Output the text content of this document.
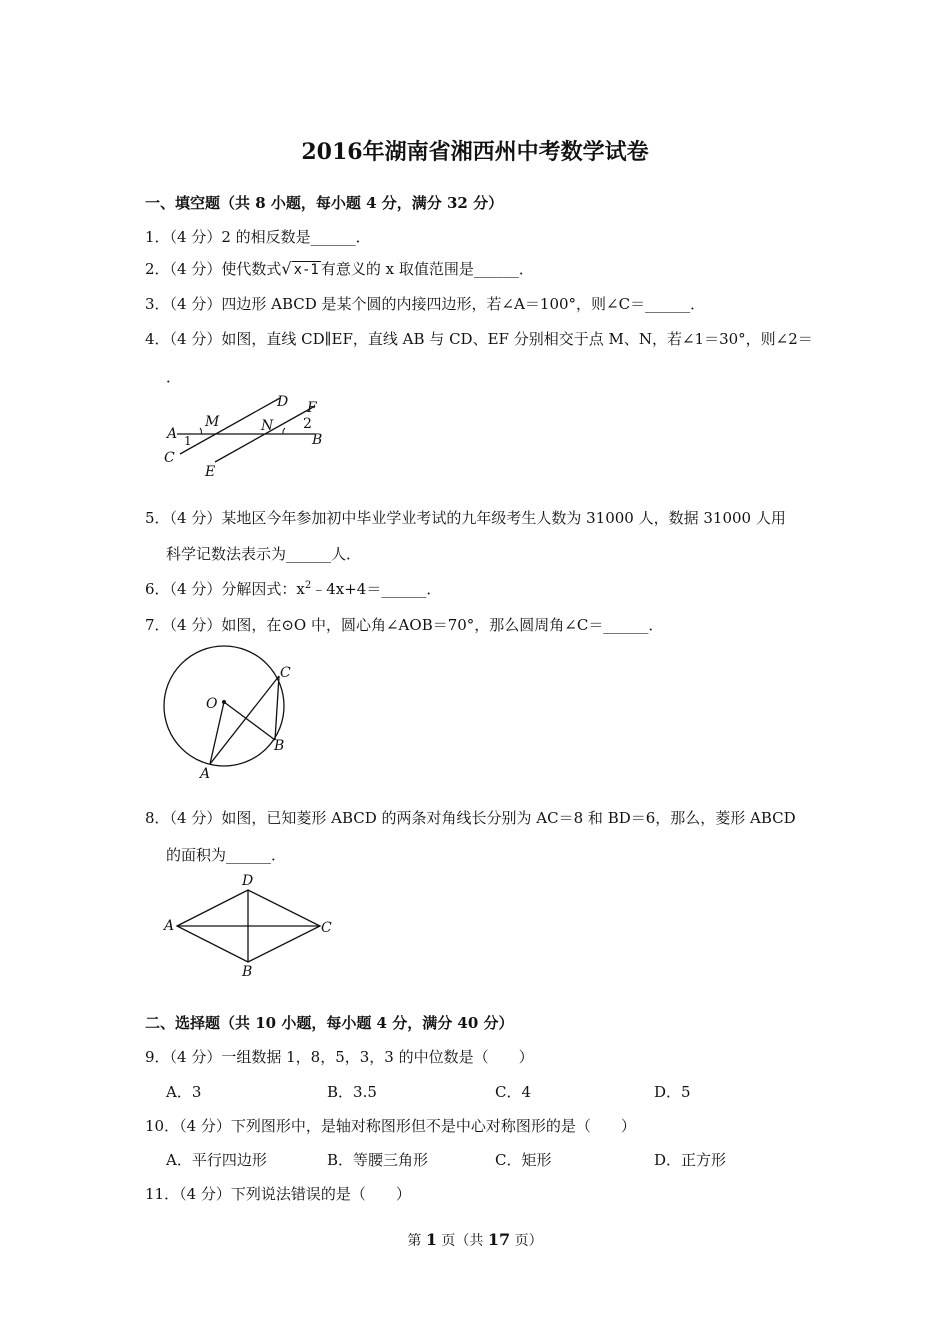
2016年湖南省湘西州中考数学试卷
一、填空题（共 8 小题，每小题 4 分，满分 32 分）
1．（4 分）2 的相反数是______．
2．（4 分）使代数式√ x-1 有意义的 x 取值范围是______．
3．（4 分）四边形 ABCD 是某个圆的内接四边形，若∠A＝100°，则∠C＝______．
4．（4 分）如图，直线 CD∥EF，直线 AB 与 CD、EF 分别相交于点 M、N，若∠1＝30°，则∠2＝
．
A
M
D F
N 2
B
1
C
E
5．（4 分）某地区今年参加初中毕业学业考试的九年级考生人数为 31000 人，数据 31000 人用
科学记数法表示为______人．
6．（4 分）分解因式：$x^2﹣4x+4=\_\_\_\_\_\_$．
7．（4 分）如图，在⊙O 中，圆心角∠AOB＝70°，那么圆周角∠C＝______．
O
C
B
A
8．（4 分）如图，已知菱形 ABCD 的两条对角线长分别为 AC＝8 和 BD＝6，那么，菱形 ABCD
的面积为______．
D
A	C
B
二、选择题（共 10 小题，每小题 4 分，满分 40 分）
9．（4 分）一组数据 1，8，5，3，3 的中位数是（　　）
A．3	B．3.5	C．4	D．5
10．（4 分）下列图形中，是轴对称图形但不是中心对称图形的是（　　）
A．平行四边形	B．等腰三角形	C．矩形	D．正方形
11．（4 分）下列说法错误的是（　　）
第 1 页（共 17 页）
